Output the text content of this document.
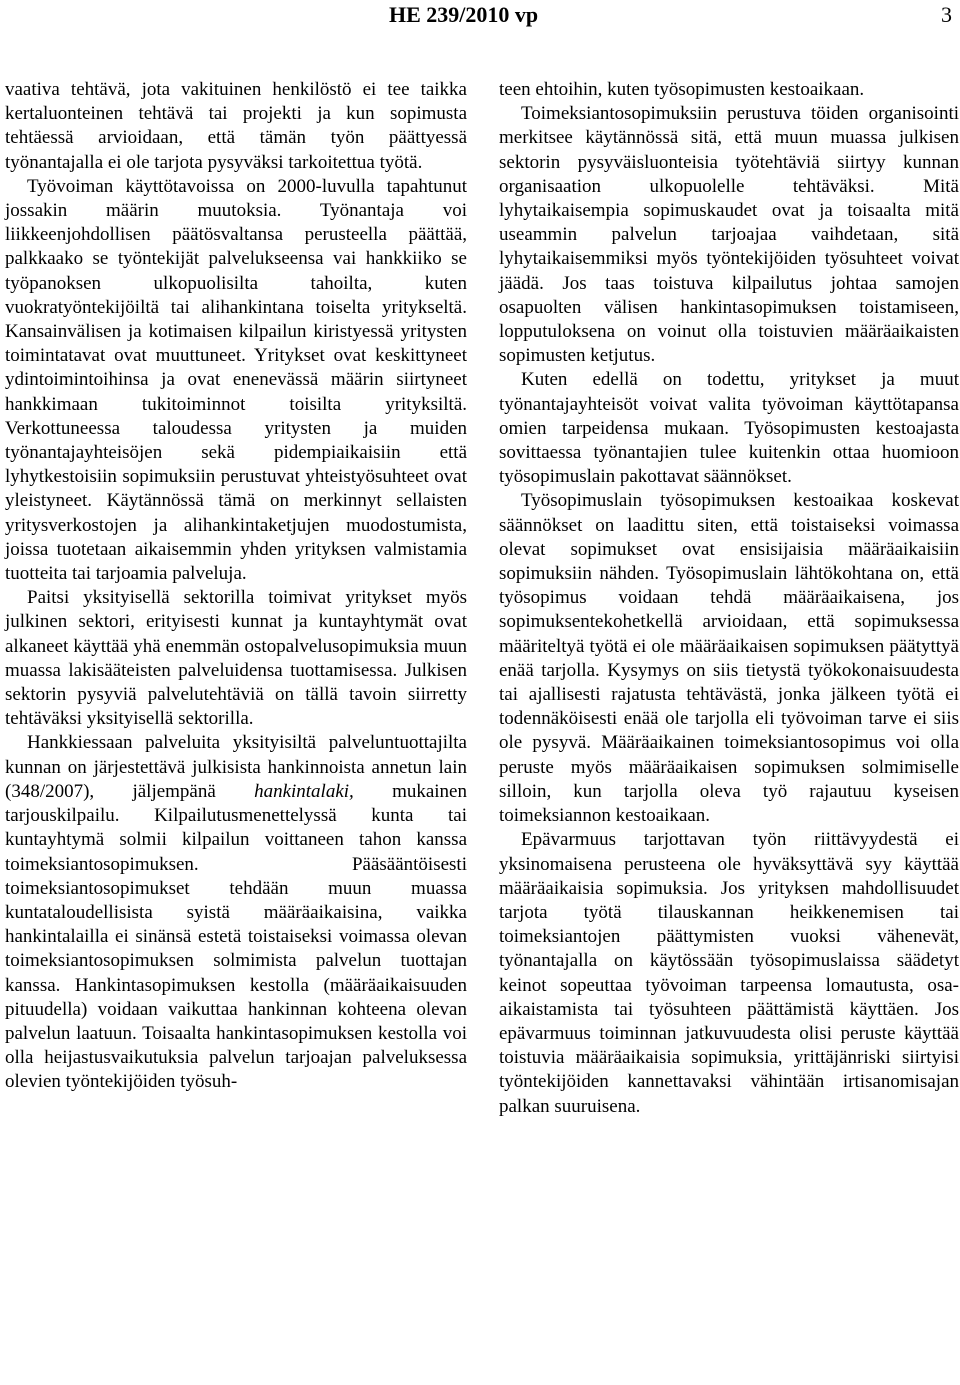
HE 239/2010 vp	3

vaativa tehtävä, jota vakituinen henkilöstö ei tee taikka kertaluonteinen tehtävä tai projekti ja kun sopimusta tehtäessä arvioidaan, että tämän työn päättyessä työnantajalla ei ole tarjota pysyväksi tarkoitettua työtä.

Työvoiman käyttötavoissa on 2000-luvulla tapahtunut jossakin määrin muutoksia. Työnantaja voi liikkeenjohdollisen päätösvaltansa perusteella päättää, palkkaako se työntekijät palvelukseensa vai hankkiiko se työpanoksen ulkopuolisilta tahoilta, kuten vuokratyöntekijöiltä tai alihankintana toiselta yritykseltä. Kansainvälisen ja kotimaisen kilpailun kiristyessä yritysten toimintatavat ovat muuttuneet. Yritykset ovat keskittyneet ydintoimintoihinsa ja ovat enenevässä määrin siirtyneet hankkimaan tukitoiminnot toisilta yrityksiltä. Verkottuneessa taloudessa yritysten ja muiden työnantajayhteisöjen sekä pidempiaikaisiin että lyhytkestoisiin sopimuksiin perustuvat yhteistyösuhteet ovat yleistyneet. Käytännössä tämä on merkinnyt sellaisten yritysverkostojen ja alihankintaketjujen muodostumista, joissa tuotetaan aikaisemmin yhden yrityksen valmistamia tuotteita tai tarjoamia palveluja.

Paitsi yksityisellä sektorilla toimivat yritykset myös julkinen sektori, erityisesti kunnat ja kuntayhtymät ovat alkaneet käyttää yhä enemmän ostopalvelusopimuksia muun muassa lakisääteisten palveluidensa tuottamisessa. Julkisen sektorin pysyviä palvelutehtäviä on tällä tavoin siirretty tehtäväksi yksityisellä sektorilla.

Hankkiessaan palveluita yksityisiltä palveluntuottajilta kunnan on järjestettävä julkisista hankinnoista annetun lain (348/2007), jäljempänä hankintalaki, mukainen tarjouskilpailu. Kilpailutusmenettelyssä kunta tai kuntayhtymä solmii kilpailun voittaneen tahon kanssa toimeksiantosopimuksen. Pääsääntöisesti toimeksiantosopimukset tehdään muun muassa kuntataloudellisista syistä määräaikaisina, vaikka hankintalailla ei sinänsä estetä toistaiseksi voimassa olevan toimeksiantosopimuksen solmimista palvelun tuottajan kanssa. Hankintasopimuksen kestolla (määräaikaisuuden pituudella) voidaan vaikuttaa hankinnan kohteena olevan palvelun laatuun. Toisaalta hankintasopimuksen kestolla voi olla heijastusvaikutuksia palvelun tarjoajan palveluksessa olevien työntekijöiden työsuh-

teen ehtoihin, kuten työsopimusten kestoaikaan.

Toimeksiantosopimuksiin perustuva töiden organisointi merkitsee käytännössä sitä, että muun muassa julkisen sektorin pysyväisluonteisia työtehtäviä siirtyy kunnan organisaation ulkopuolelle tehtäväksi. Mitä lyhytaikaisempia sopimuskaudet ovat ja toisaalta mitä useammin palvelun tarjoajaa vaihdetaan, sitä lyhytaikaisemmiksi myös työntekijöiden työsuhteet voivat jäädä. Jos taas toistuva kilpailutus johtaa samojen osapuolten välisen hankintasopimuksen toistamiseen, lopputuloksena on voinut olla toistuvien määräaikaisten sopimusten ketjutus.

Kuten edellä on todettu, yritykset ja muut työnantajayhteisöt voivat valita työvoiman käyttötapansa omien tarpeidensa mukaan. Työsopimusten kestoajasta sovittaessa työnantajien tulee kuitenkin ottaa huomioon työsopimuslain pakottavat säännökset.

Työsopimuslain työsopimuksen kestoaikaa koskevat säännökset on laadittu siten, että toistaiseksi voimassa olevat sopimukset ovat ensisijaisia määräaikaisiin sopimuksiin nähden. Työsopimuslain lähtökohtana on, että työsopimus voidaan tehdä määräaikaisena, jos sopimuksentekohetkellä arvioidaan, että sopimuksessa määriteltyä työtä ei ole määräaikaisen sopimuksen päätyttyä enää tarjolla. Kysymys on siis tietystä työkokonaisuudesta tai ajallisesti rajatusta tehtävästä, jonka jälkeen työtä ei todennäköisesti enää ole tarjolla eli työvoiman tarve ei siis ole pysyvä. Määräaikainen toimeksiantosopimus voi olla peruste myös määräaikaisen sopimuksen solmimiselle silloin, kun tarjolla oleva työ rajautuu kyseisen toimeksiannon kestoaikaan.

Epävarmuus tarjottavan työn riittävyydestä ei yksinomaisena perusteena ole hyväksyttävä syy käyttää määräaikaisia sopimuksia. Jos yrityksen mahdollisuudet tarjota työtä tilauskannan heikkenemisen tai toimeksiantojen päättymisten vuoksi vähenevät, työnantajalla on käytössään työsopimuslaissa säädetyt keinot sopeuttaa työvoiman tarpeensa lomautusta, osa-aikaistamista tai työsuhteen päättämistä käyttäen. Jos epävarmuus toiminnan jatkuvuudesta olisi peruste käyttää toistuvia määräaikaisia sopimuksia, yrittäjänriski siirtyisi työntekijöiden kannettavaksi vähintään irtisanomisajan palkan suuruisena.
